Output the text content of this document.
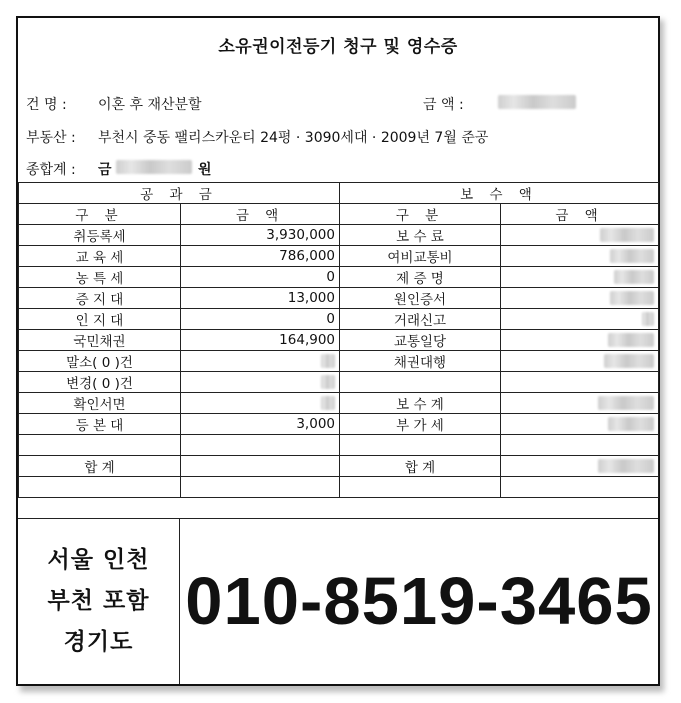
소유권이전등기 청구 및 영수증
건 명 : 이혼 후 재산분할	금 액 :
부동산 : 부천시 중동 팰리스카운티 24평 · 3090세대 · 2009년 7월 준공
종합계 : 금	원
공 과 금		보 수 액	
구 분	금 액	구 분	금 액
취등록세	3,930,000	보 수 료	
교 육 세	786,000	여비교통비	
농 특 세	0	제 증 명	
증 지 대	13,000	원인증서	
인 지 대	0	거래신고	
국민채권	164,900	교통일당	
말소( 0 )건		채권대행	
변경( 0 )건			
확인서면		보 수 계	
등 본 대	3,000	부 가 세	

합 계		합 계	

서울 인천
부천 포함
경기도
010-8519-3465
